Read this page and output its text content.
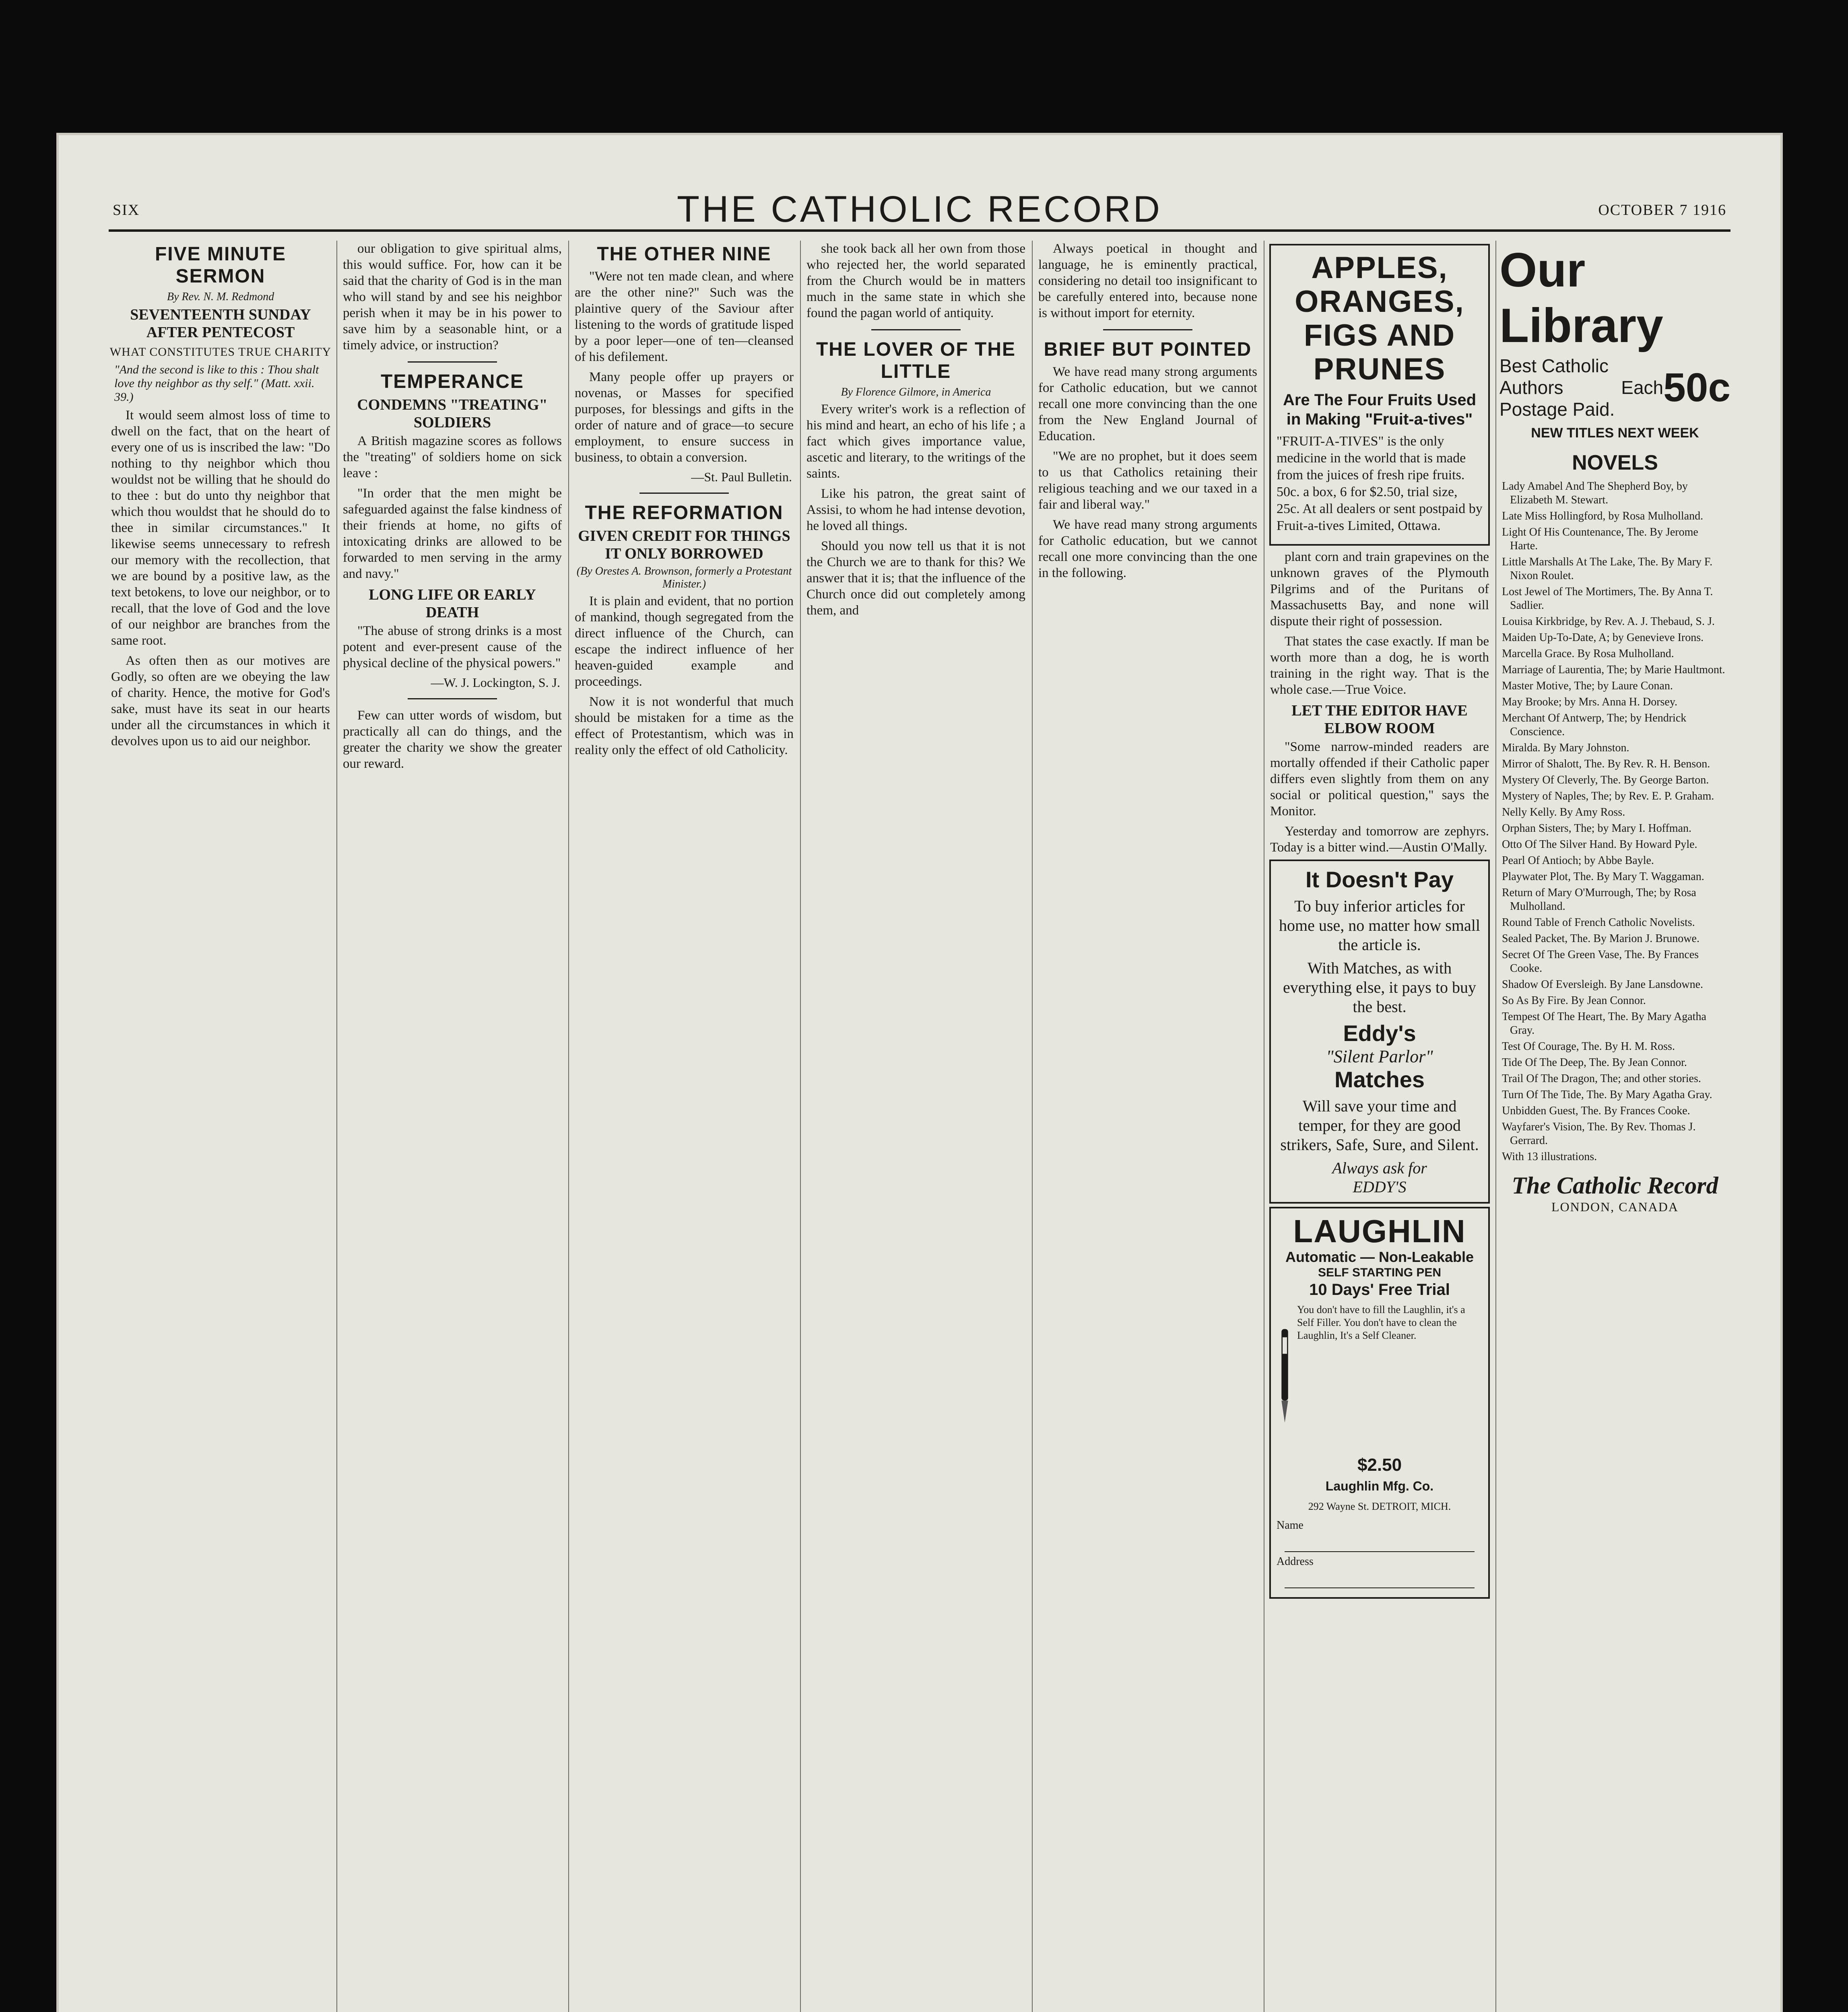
SIX	THE CATHOLIC RECORD	OCTOBER 7 1916
FIVE MINUTE SERMON
By Rev. N. M. Redmond
SEVENTEENTH SUNDAY AFTER PENTECOST
WHAT CONSTITUTES TRUE CHARITY
"And the second is like to this : Thou shalt love thy neighbor as thy self." (Matt. xxii. 39.)

It would seem almost loss of time to dwell on the fact, that on the heart of every one of us is inscribed the law: "Do nothing to thy neighbor which thou wouldst not be willing that he should do to thee : but do unto thy neighbor that which thou wouldst that he should do to thee in similar circumstances." It likewise seems unnecessary to refresh our memory with the recollection, that we are bound by a positive law, as the text betokens, to love our neighbor, or to recall, that the love of God and the love of our neighbor are branches from the same root.

As often then as our motives are Godly, so often are we obeying the law of charity. Hence, the motive for God's sake, must have its seat in our hearts under all the circumstances in which it devolves upon us to aid our neighbor.

our obligation to give spiritual alms, this would suffice. For, how can it be said that the charity of God is in the man who will stand by and see his neighbor perish when it may be in his power to save him by a seasonable hint, or a timely advice, or instruction?

TEMPERANCE
CONDEMNS "TREATING" SOLDIERS

A British magazine scores as follows the "treating" of soldiers home on sick leave :

"In order that the men might be safeguarded against the false kindness of their friends at home, no gifts of intoxicating drinks are allowed to be forwarded to men serving in the army and navy."

LONG LIFE OR EARLY DEATH

"The abuse of strong drinks is a most potent and ever-present cause of the physical decline of the physical powers."

—W. J. Lockington, S. J.

Few can utter words of wisdom, but practically all can do things, and the greater the charity we show the greater our reward.

THE OTHER NINE

"Were not ten made clean, and where are the other nine?" Such was the plaintive query of the Saviour after listening to the words of gratitude lisped by a poor leper—one of ten—cleansed of his defilement.

Many people offer up prayers or novenas, or Masses for specified purposes, for blessings and gifts in the order of nature and of grace—to secure employment, to ensure success in business, to obtain a conversion.

—St. Paul Bulletin.
THE REFORMATION
GIVEN CREDIT FOR THINGS IT ONLY BORROWED
(By Orestes A. Brownson, formerly a Protestant Minister.)

It is plain and evident, that no portion of mankind, though segregated from the direct influence of the Church, can escape the indirect influence of her heaven-guided example and proceedings.

Now it is not wonderful that much should be mistaken for a time as the effect of Protestantism, which was in reality only the effect of old Catholicity.

she took back all her own from those who rejected her, the world separated from the Church would be in matters much in the same state in which she found the pagan world of antiquity.

THE LOVER OF THE LITTLE
By Florence Gilmore, in America

Every writer's work is a reflection of his mind and heart, an echo of his life ; a fact which gives importance value, ascetic and literary, to the writings of the saints.

Like his patron, the great saint of Assisi, to whom he had intense devotion, he loved all things.

Should you now tell us that it is not the Church we are to thank for this? We answer that it is; that the influence of the Church once did out completely among them, and

Always poetical in thought and language, he is eminently practical, considering no detail too insignificant to be carefully entered into, because none is without import for eternity.

BRIEF BUT POINTED

We have read many strong arguments for Catholic education, but we cannot recall one more convincing than the one from the New England Journal of Education.

"We are no prophet, but it does seem to us that Catholics retaining their religious teaching and we our taxed in a fair and liberal way."

We have read many strong arguments for Catholic education, but we cannot recall one more convincing than the one in the following.

APPLES, ORANGES, FIGS AND PRUNES
Are The Four Fruits Used in Making "Fruit-a-tives"
"FRUIT-A-TIVES" is the only medicine in the world that is made from the juices of fresh ripe fruits. 50c. a box, 6 for $2.50, trial size, 25c. At all dealers or sent postpaid by Fruit-a-tives Limited, Ottawa.

plant corn and train grapevines on the unknown graves of the Plymouth Pilgrims and of the Puritans of Massachusetts Bay, and none will dispute their right of possession.

That states the case exactly. If man be worth more than a dog, he is worth training in the right way. That is the whole case.—True Voice.

LET THE EDITOR HAVE ELBOW ROOM

"Some narrow-minded readers are mortally offended if their Catholic paper differs even slightly from them on any social or political question," says the Monitor.

Yesterday and tomorrow are zephyrs. Today is a bitter wind.—Austin O'Mally.

It Doesn't Pay
To buy inferior articles for home use, no matter how small the article is.
With Matches, as with everything else, it pays to buy the best.
Eddy's
"Silent Parlor"
Matches
Will save your time and temper, for they are good strikers, Safe, Sure, and Silent.
Always ask for
EDDY'S
LAUGHLIN
Automatic — Non-Leakable
SELF STARTING PEN
10 Days' Free Trial
You don't have to fill the Laughlin, it's a Self Filler. You don't have to clean the Laughlin, It's a Self Cleaner.
$2.50
Laughlin Mfg. Co.
292 Wayne St. DETROIT, MICH.
Name
Address
Our Library
Best Catholic Authors
Postage Paid.
Each 50c
NEW TITLES NEXT WEEK
NOVELS
Lady Amabel And The Shepherd Boy, by Elizabeth M. Stewart.
Late Miss Hollingford, by Rosa Mulholland.
Light Of His Countenance, The. By Jerome Harte.
Little Marshalls At The Lake, The. By Mary F. Nixon Roulet.
Lost Jewel of The Mortimers, The. By Anna T. Sadlier.
Louisa Kirkbridge, by Rev. A. J. Thebaud, S. J.
Maiden Up-To-Date, A; by Genevieve Irons.
Marcella Grace. By Rosa Mulholland.
Marriage of Laurentia, The; by Marie Haultmont.
Master Motive, The; by Laure Conan.
May Brooke; by Mrs. Anna H. Dorsey.
Merchant Of Antwerp, The; by Hendrick Conscience.
Miralda. By Mary Johnston.
Mirror of Shalott, The. By Rev. R. H. Benson.
Mystery Of Cleverly, The. By George Barton.
Mystery of Naples, The; by Rev. E. P. Graham.
Nelly Kelly. By Amy Ross.
Orphan Sisters, The; by Mary I. Hoffman.
Otto Of The Silver Hand. By Howard Pyle.
Pearl Of Antioch; by Abbe Bayle.
Playwater Plot, The. By Mary T. Waggaman.
Return of Mary O'Murrough, The; by Rosa Mulholland.
Round Table of French Catholic Novelists.
Sealed Packet, The. By Marion J. Brunowe.
Secret Of The Green Vase, The. By Frances Cooke.
Shadow Of Eversleigh. By Jane Lansdowne.
So As By Fire. By Jean Connor.
Tempest Of The Heart, The. By Mary Agatha Gray.
Test Of Courage, The. By H. M. Ross.
Tide Of The Deep, The. By Jean Connor.
Trail Of The Dragon, The; and other stories.
Turn Of The Tide, The. By Mary Agatha Gray.
Unbidden Guest, The. By Frances Cooke.
Wayfarer's Vision, The. By Rev. Thomas J. Gerrard.
With 13 illustrations.
The Catholic Record
LONDON, CANADA
